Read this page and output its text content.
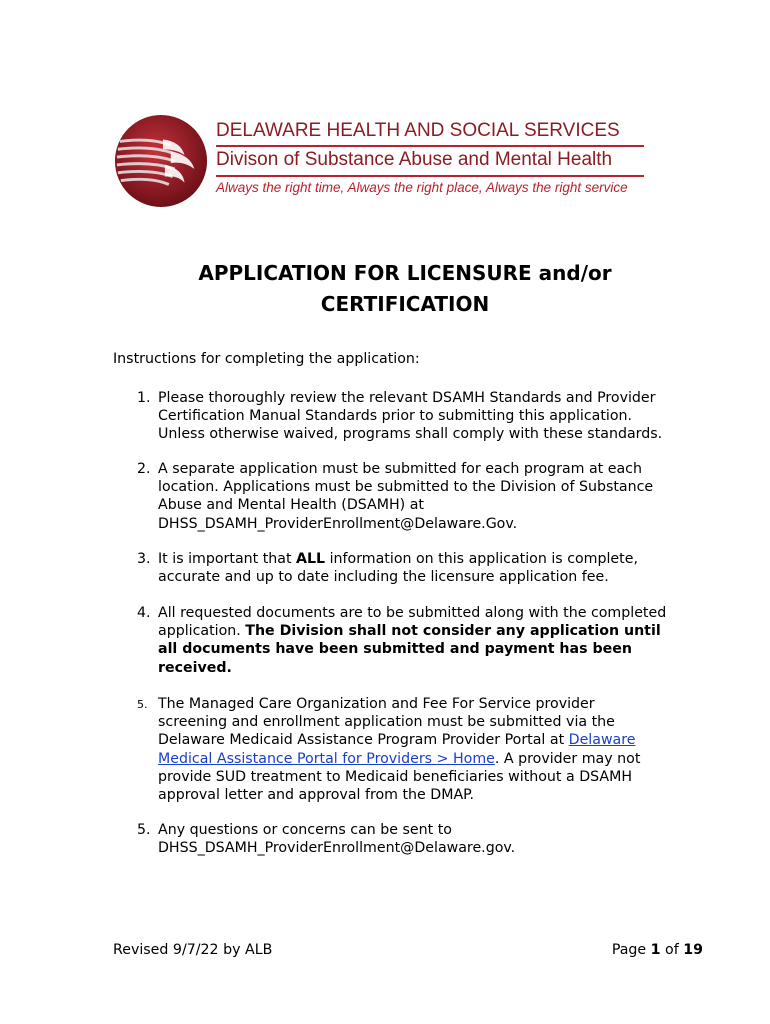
DELAWARE HEALTH AND SOCIAL SERVICES
Divison of Substance Abuse and Mental Health
Always the right time, Always the right place, Always the right service
APPLICATION FOR LICENSURE and/or
CERTIFICATION
Instructions for completing the application:
1. Please thoroughly review the relevant DSAMH Standards and Provider
Certification Manual Standards prior to submitting this application.
Unless otherwise waived, programs shall comply with these standards.
2. A separate application must be submitted for each program at each
location. Applications must be submitted to the Division of Substance
Abuse and Mental Health (DSAMH) at
DHSS_DSAMH_ProviderEnrollment@Delaware.Gov.
3. It is important that ALL information on this application is complete,
accurate and up to date including the licensure application fee.
4. All requested documents are to be submitted along with the completed
application. The Division shall not consider any application until
all documents have been submitted and payment has been
received.
5. The Managed Care Organization and Fee For Service provider
screening and enrollment application must be submitted via the
Delaware Medicaid Assistance Program Provider Portal at Delaware
Medical Assistance Portal for Providers > Home. A provider may not
provide SUD treatment to Medicaid beneficiaries without a DSAMH
approval letter and approval from the DMAP.
5. Any questions or concerns can be sent to
DHSS_DSAMH_ProviderEnrollment@Delaware.gov.
Revised 9/7/22 by ALB	Page 1 of 19
